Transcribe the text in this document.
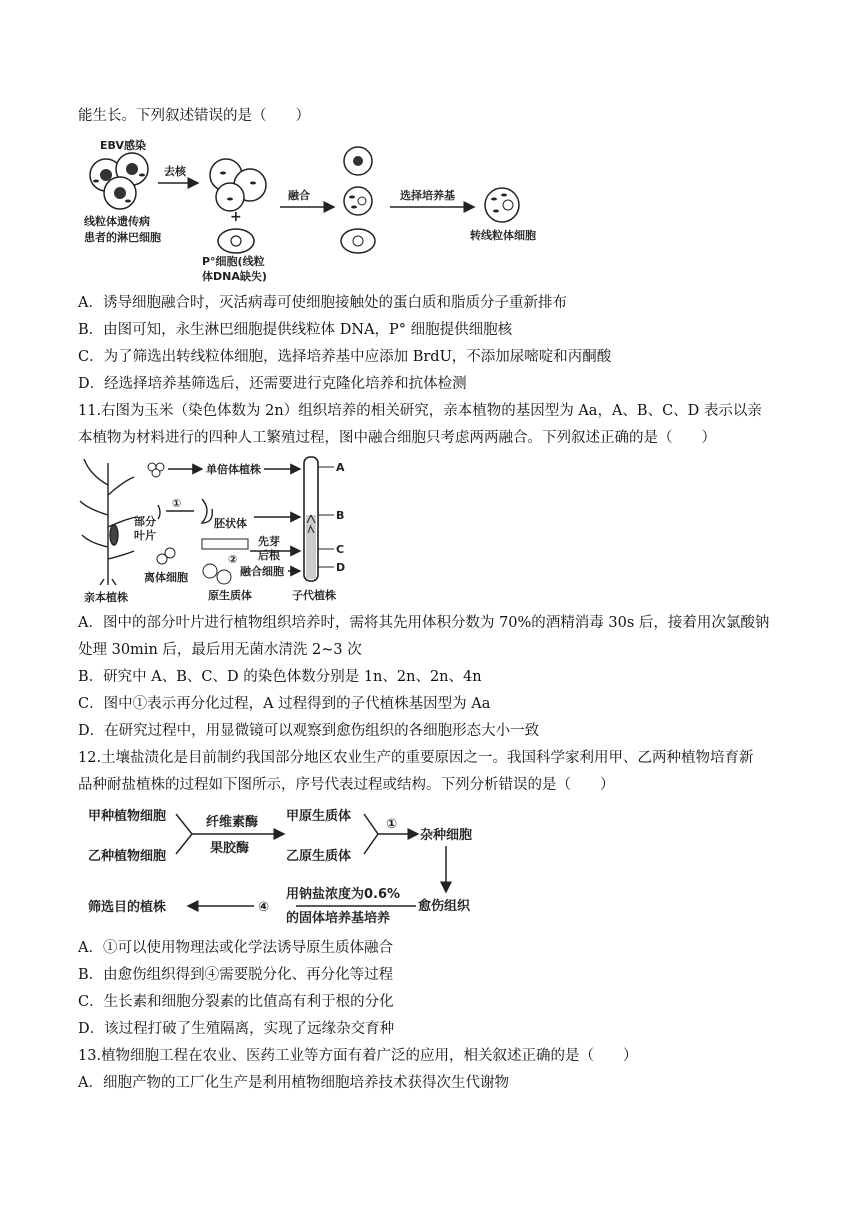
能生长。下列叙述错误的是（　　）
EBV感染
线粒体遗传病
患者的淋巴细胞
去核
+
P°细胞(线粒
体DNA缺失)
融合	选择培养基
转线粒体细胞
A．诱导细胞融合时，灭活病毒可使细胞接触处的蛋白质和脂质分子重新排布
B．由图可知，永生淋巴细胞提供线粒体 DNA，P° 细胞提供细胞核
C．为了筛选出转线粒体细胞，选择培养基中应添加 BrdU，不添加尿嘧啶和丙酮酸
D．经选择培养基筛选后，还需要进行克隆化培养和抗体检测
11.右图为玉米（染色体数为 2n）组织培养的相关研究，亲本植物的基因型为 Aa，A、B、C、D 表示以亲
本植物为材料进行的四种人工繁殖过程，图中融合细胞只考虑两两融合。下列叙述正确的是（　　）
亲本植株
单倍体植株
部分
叶片
①
胚状体
离体细胞
②
原生质体
先芽
后根
融合细胞
A
B
C
D
子代植株
A．图中的部分叶片进行植物组织培养时，需将其先用体积分数为 70%的酒精消毒 30s 后，接着用次氯酸钠
处理 30min 后，最后用无菌水清洗 2~3 次
B．研究中 A、B、C、D 的染色体数分别是 1n、2n、2n、4n
C．图中①表示再分化过程，A 过程得到的子代植株基因型为 Aa
D．在研究过程中，用显微镜可以观察到愈伤组织的各细胞形态大小一致
12.土壤盐渍化是目前制约我国部分地区农业生产的重要原因之一。我国科学家利用甲、乙两种植物培育新
品种耐盐植株的过程如下图所示，序号代表过程或结构。下列分析错误的是（　　）
甲种植物细胞
乙种植物细胞
纤维素酶
果胶酶
甲原生质体
乙原生质体
①
杂种细胞
愈伤组织
用钠盐浓度为0.6%
的固体培养基培养
④
筛选目的植株
A．①可以使用物理法或化学法诱导原生质体融合
B．由愈伤组织得到④需要脱分化、再分化等过程
C．生长素和细胞分裂素的比值高有利于根的分化
D．该过程打破了生殖隔离，实现了远缘杂交育种
13.植物细胞工程在农业、医药工业等方面有着广泛的应用，相关叙述正确的是（　　）
A．细胞产物的工厂化生产是利用植物细胞培养技术获得次生代谢物
